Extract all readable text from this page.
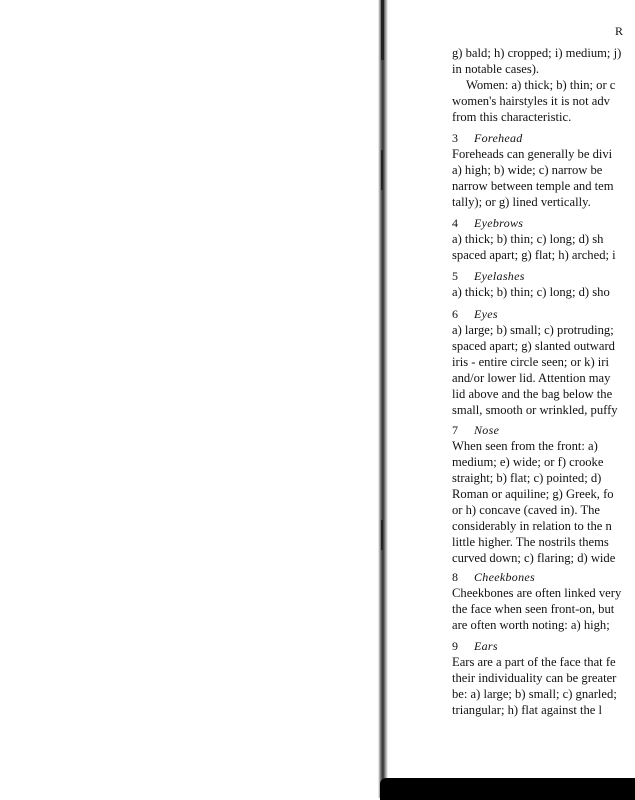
R
g) bald; h) cropped; i) medium; j)
in notable cases).
Women: a) thick; b) thin; or c
women's hairstyles it is not adv
from this characteristic.
3 Forehead
Foreheads can generally be divi
a) high; b) wide; c) narrow be
narrow between temple and tem
tally); or g) lined vertically.
4 Eyebrows
a) thick; b) thin; c) long; d) sh
spaced apart; g) flat; h) arched; i
5 Eyelashes
a) thick; b) thin; c) long; d) sho
6 Eyes
a) large; b) small; c) protruding;
spaced apart; g) slanted outward
iris - entire circle seen; or k) iri
and/or lower lid. Attention may
lid above and the bag below the
small, smooth or wrinkled, puffy
7 Nose
When seen from the front: a)
medium; e) wide; or f) crooke
straight; b) flat; c) pointed; d)
Roman or aquiline; g) Greek, fo
or h) concave (caved in). The
considerably in relation to the n
little higher. The nostrils thems
curved down; c) flaring; d) wide
8 Cheekbones
Cheekbones are often linked very
the face when seen front-on, but
are often worth noting: a) high;
9 Ears
Ears are a part of the face that fe
their individuality can be greater
be: a) large; b) small; c) gnarled;
triangular; h) flat against the l
